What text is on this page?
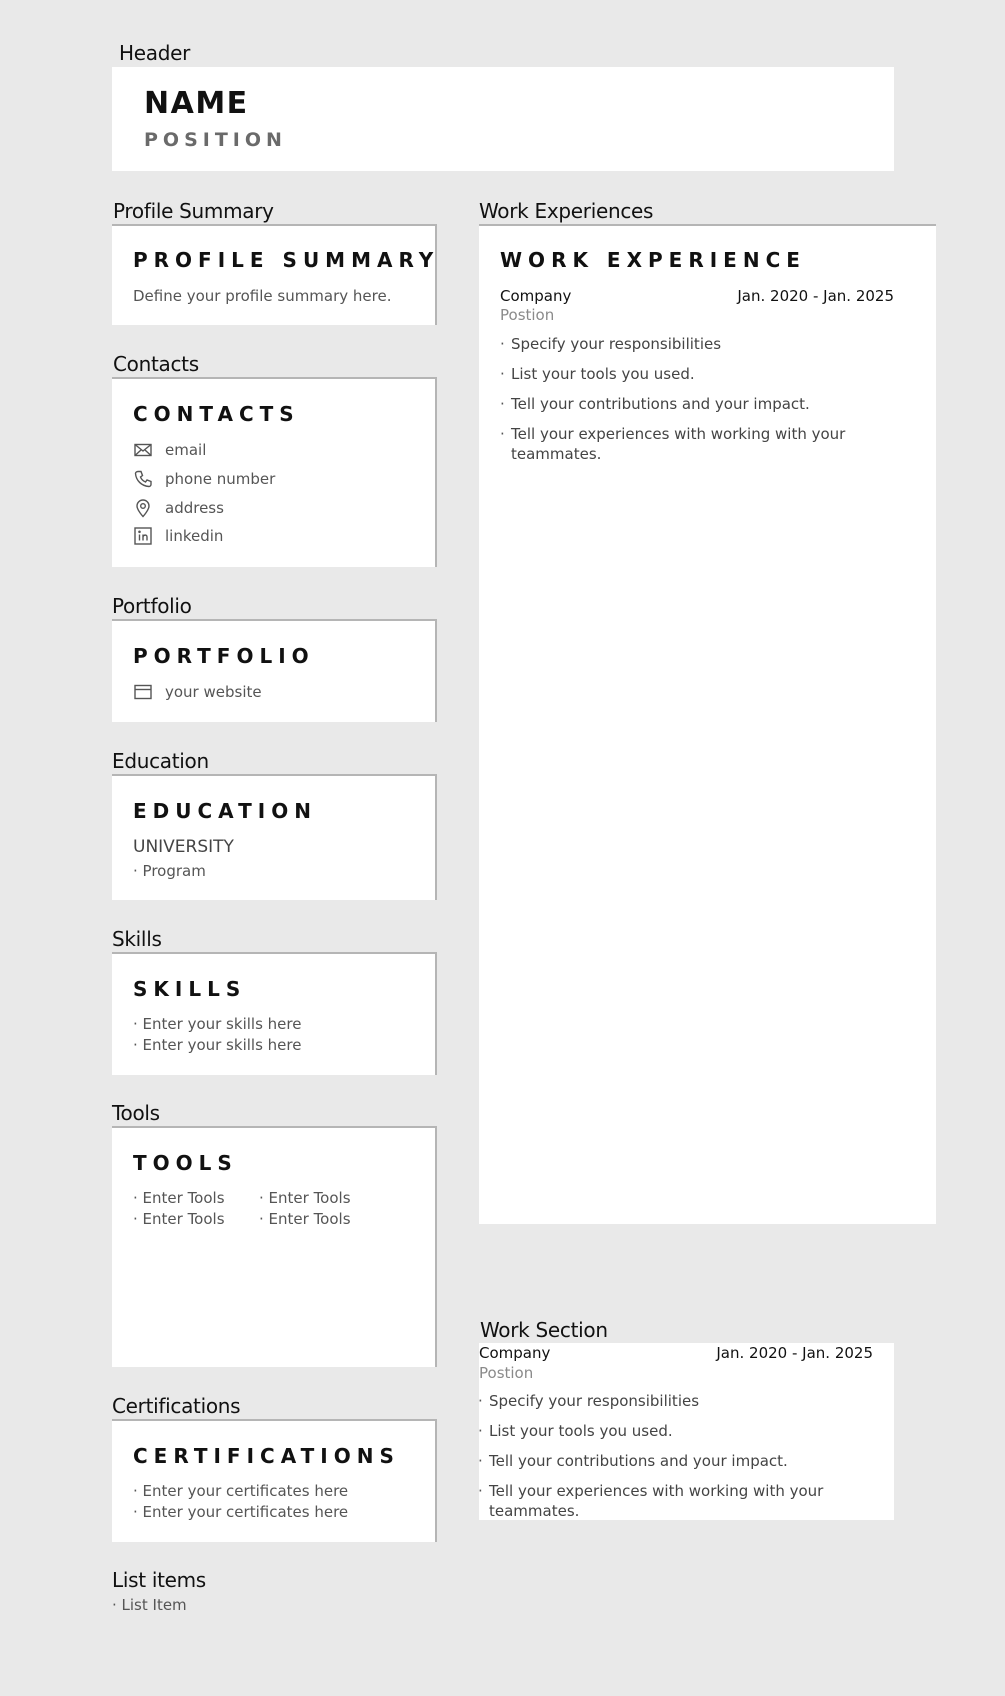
Header
NAME
POSITION
Profile Summary
PROFILE SUMMARY
Define your profile summary here.
Contacts
CONTACTS
email
phone number
address
linkedin
Portfolio
PORTFOLIO
your website
Education
EDUCATION
UNIVERSITY
· Program
Skills
SKILLS
· Enter your skills here
· Enter your skills here
Tools
TOOLS
· Enter Tools · Enter Tools
· Enter Tools · Enter Tools
Certifications
CERTIFICATIONS
· Enter your certificates here
· Enter your certificates here
List items
· List Item
Work Experiences
WORK EXPERIENCE
Company	Jan. 2020 - Jan. 2025
Postion
· Specify your responsibilities
· List your tools you used.
· Tell your contributions and your impact.
· Tell your experiences with working with your teammates.
Work Section
Company	Jan. 2020 - Jan. 2025
Postion
· Specify your responsibilities
· List your tools you used.
· Tell your contributions and your impact.
· Tell your experiences with working with your teammates.
